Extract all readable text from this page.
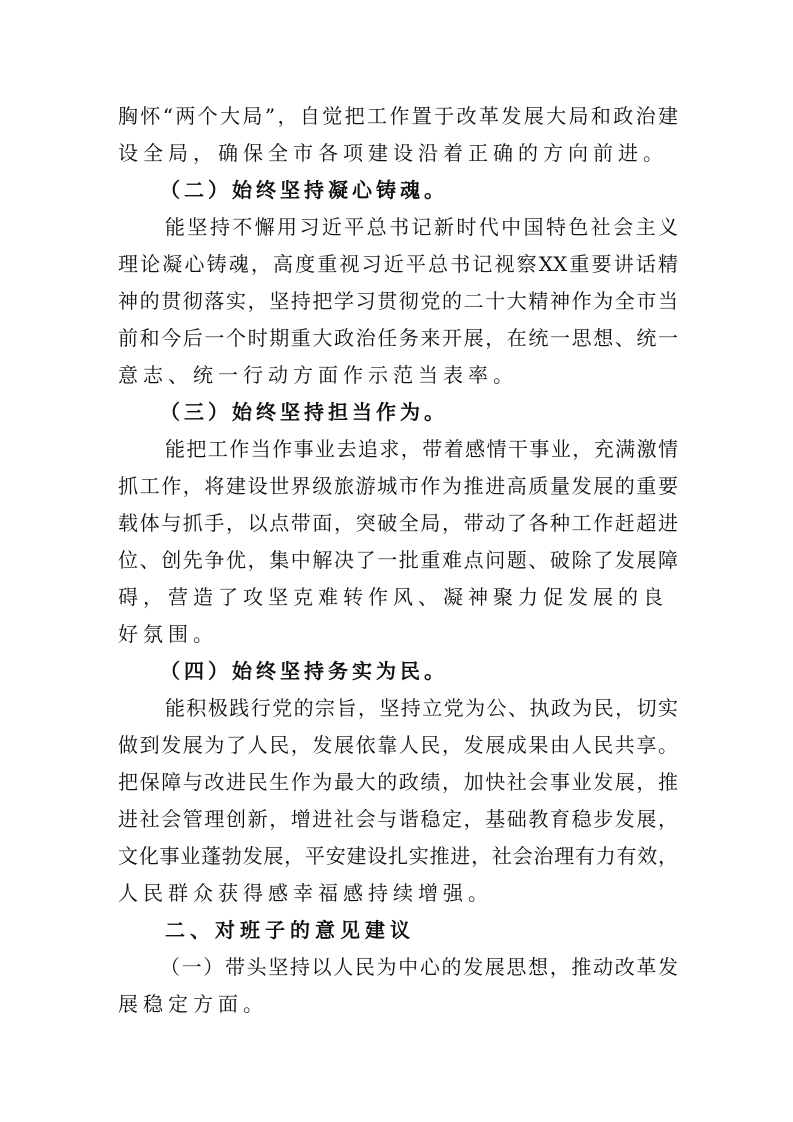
胸怀“两个大局”，自觉把工作置于改革发展大局和政治建
设全局，确保全市各项建设沿着正确的方向前进。
（二）始终坚持凝心铸魂。
能坚持不懈用习近平总书记新时代中国特色社会主义
理论凝心铸魂，高度重视习近平总书记视察XX重要讲话精
神的贯彻落实，坚持把学习贯彻党的二十大精神作为全市当
前和今后一个时期重大政治任务来开展，在统一思想、统一
意志、统一行动方面作示范当表率。
（三）始终坚持担当作为。
能把工作当作事业去追求，带着感情干事业，充满激情
抓工作，将建设世界级旅游城市作为推进高质量发展的重要
载体与抓手，以点带面，突破全局，带动了各种工作赶超进
位、创先争优，集中解决了一批重难点问题、破除了发展障
碍，营造了攻坚克难转作风、凝神聚力促发展的良好氛围。
（四）始终坚持务实为民。
能积极践行党的宗旨，坚持立党为公、执政为民，切实
做到发展为了人民，发展依靠人民，发展成果由人民共享。
把保障与改进民生作为最大的政绩，加快社会事业发展，推
进社会管理创新，增进社会与谐稳定，基础教育稳步发展，
文化事业蓬勃发展，平安建设扎实推进，社会治理有力有效，
人民群众获得感幸福感持续增强。
二、对班子的意见建议
（一）带头坚持以人民为中心的发展思想，推动改革发
展稳定方面。
